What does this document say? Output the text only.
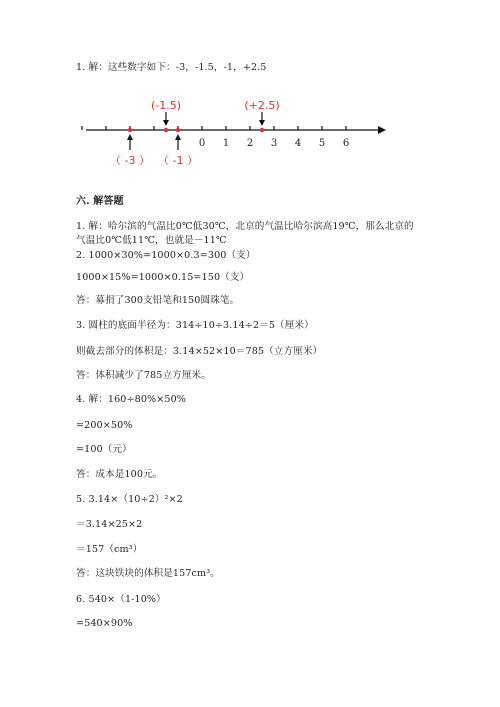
1. 解：这些数字如下：-3，-1.5，-1，+2.5
0 1 2 3 4 5 6
（ -3 ）
(-1.5)
（ -1 ）
(+2.5)
六. 解答题
1. 解：哈尔滨的气温比0℃低30℃，北京的气温比哈尔滨高19℃，那么北京的
气温比0℃低11℃，也就是－11℃
2. 1000×30%=1000×0.3=300（支）
1000×15%=1000×0.15=150（支）
答：募捐了300支铅笔和150圆珠笔。
3. 圆柱的底面半径为：314÷10÷3.14÷2＝5（厘米）
则截去部分的体积是：3.14×52×10＝785（立方厘米）
答：体积减少了785立方厘米。
4. 解：160÷80%×50%
=200×50%
=100（元）
答：成本是100元。
5. 3.14×（10÷2）²×2
＝3.14×25×2
＝157（cm³）
答：这块铁块的体积是157cm³。
6. 540×（1-10%）
=540×90%
